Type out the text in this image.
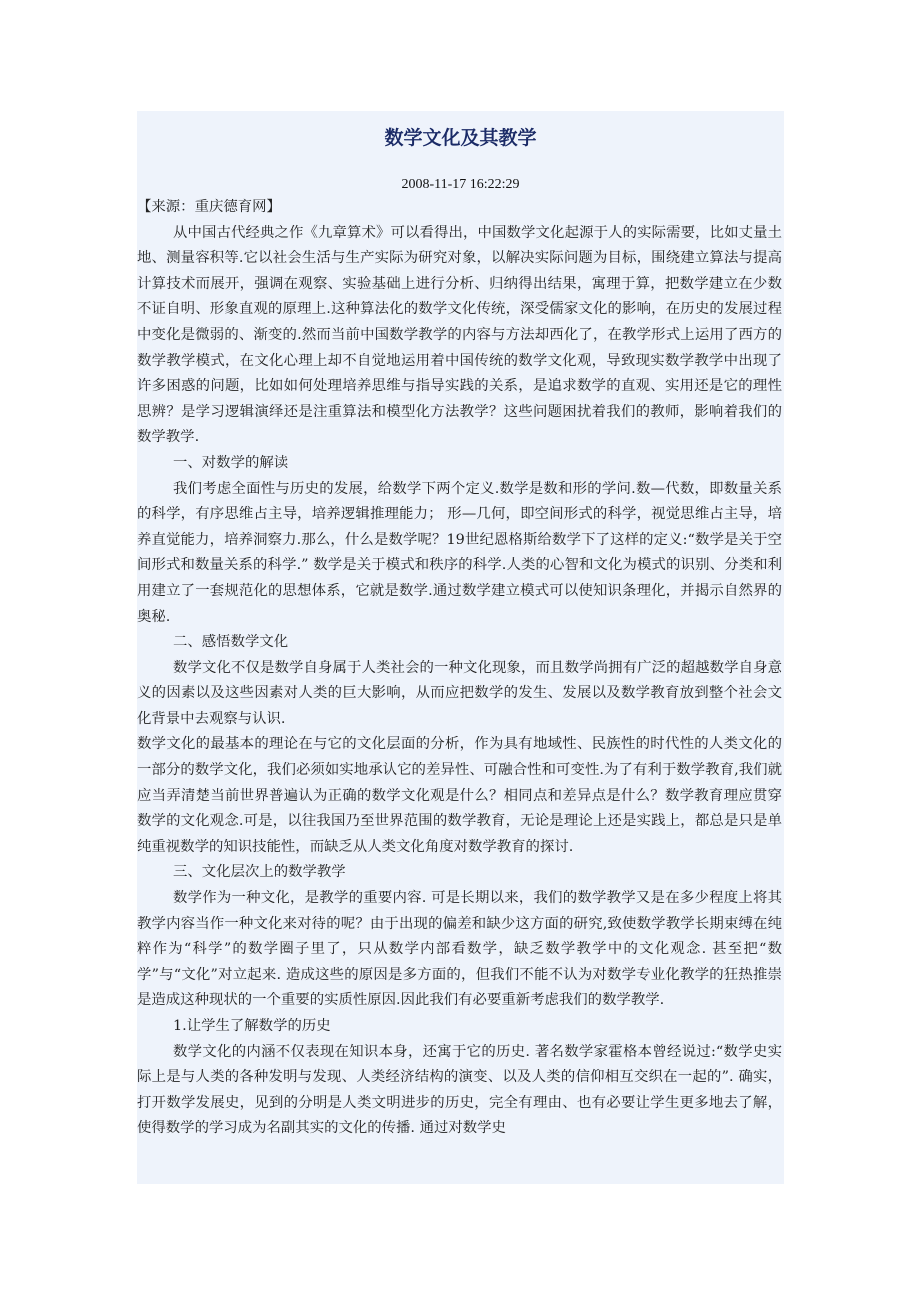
数学文化及其教学
2008-11-17 16:22:29

【来源：重庆德育网】

从中国古代经典之作《九章算术》可以看得出，中国数学文化起源于人的实际需要，比如丈量土地、测量容积等.它以社会生活与生产实际为研究对象，以解决实际问题为目标，围绕建立算法与提高计算技术而展开，强调在观察、实验基础上进行分析、归纳得出结果，寓理于算，把数学建立在少数不证自明、形象直观的原理上.这种算法化的数学文化传统，深受儒家文化的影响，在历史的发展过程中变化是微弱的、渐变的.然而当前中国数学教学的内容与方法却西化了，在教学形式上运用了西方的数学教学模式，在文化心理上却不自觉地运用着中国传统的数学文化观，导致现实数学教学中出现了许多困惑的问题，比如如何处理培养思维与指导实践的关系，是追求数学的直观、实用还是它的理性思辨？是学习逻辑演绎还是注重算法和模型化方法教学？这些问题困扰着我们的教师，影响着我们的数学教学.

一、对数学的解读

我们考虑全面性与历史的发展，给数学下两个定义.数学是数和形的学问.数—代数，即数量关系的科学，有序思维占主导，培养逻辑推理能力； 形—几何，即空间形式的科学，视觉思维占主导，培养直觉能力，培养洞察力.那么，什么是数学呢？19世纪恩格斯给数学下了这样的定义:“数学是关于空间形式和数量关系的科学.” 数学是关于模式和秩序的科学.人类的心智和文化为模式的识别、分类和利用建立了一套规范化的思想体系，它就是数学.通过数学建立模式可以使知识条理化，并揭示自然界的奥秘.

二、感悟数学文化

数学文化不仅是数学自身属于人类社会的一种文化现象，而且数学尚拥有广泛的超越数学自身意义的因素以及这些因素对人类的巨大影响，从而应把数学的发生、发展以及数学教育放到整个社会文化背景中去观察与认识.

数学文化的最基本的理论在与它的文化层面的分析，作为具有地域性、民族性的时代性的人类文化的一部分的数学文化，我们必须如实地承认它的差异性、可融合性和可变性.为了有利于数学教育,我们就应当弄清楚当前世界普遍认为正确的数学文化观是什么？相同点和差异点是什么？数学教育理应贯穿数学的文化观念.可是，以往我国乃至世界范围的数学教育，无论是理论上还是实践上，都总是只是单纯重视数学的知识技能性，而缺乏从人类文化角度对数学教育的探讨.

三、文化层次上的数学教学

数学作为一种文化，是教学的重要内容. 可是长期以来，我们的数学教学又是在多少程度上将其教学内容当作一种文化来对待的呢？由于出现的偏差和缺少这方面的研究,致使数学教学长期束缚在纯粹作为“科学”的数学圈子里了，只从数学内部看数学，缺乏数学教学中的文化观念. 甚至把“数学”与“文化”对立起来. 造成这些的原因是多方面的，但我们不能不认为对数学专业化教学的狂热推崇是造成这种现状的一个重要的实质性原因.因此我们有必要重新考虑我们的数学教学.

1.让学生了解数学的历史

数学文化的内涵不仅表现在知识本身，还寓于它的历史. 著名数学家霍格本曾经说过:“数学史实际上是与人类的各种发明与发现、人类经济结构的演变、以及人类的信仰相互交织在一起的”. 确实，打开数学发展史，见到的分明是人类文明进步的历史，完全有理由、也有必要让学生更多地去了解，使得数学的学习成为名副其实的文化的传播. 通过对数学史
